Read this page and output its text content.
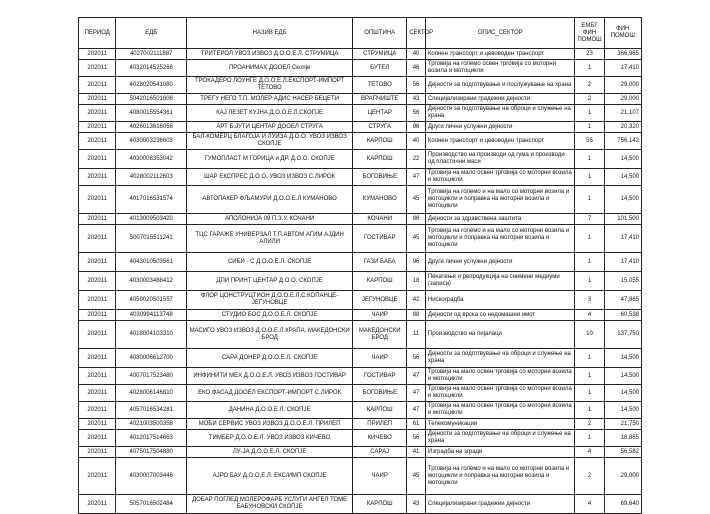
ПЕРИОД	ЕДБ	НАЗИВ ЕДБ	ОПШТИНА	СЕКТОР	ОПИС_СЕКТОР	ЕМБГ ФИН ПОМОШ	ФИН ПОМОШ
202011	4027002111887	ТРИТЕРОЛ УВОЗ ИЗВОЗ Д.О.О.Е.Л. СТРУМИЦА	СТРУМИЦА	40	Копнен транспорт и цевоводен транспорт	23	366,965
202011	4032014525266	ПРОАНИМАХ ДООЕЛ Скопје	БУТЕЛ	46	Трговија на големо освен трговија со моторни возила и мотоцикли	1	17,410
202011	4028020541080	ТРОКАДЕРО ЛОУНГЕ Д.О.О.Е.Л.ЕКСПОРТ-ИМПОРТ ТЕТОВО	ТЕТОВО	56	Дејности за подготвување и послужување на храна	2	29,000
202011	5042016501606	ТРЕГУ НЕГО Т.П. МОЛЕР АДИС НАСЕР БЕЦЕТИ	ВРАПЧИШТЕ	43	Специјализирани градежни дејности	2	29,000
202011	4080015554361	КАЈ ЛЕЗЕТ КУЈНА Д.О.О.Е.Л.СКОПЈЕ	ЦЕНТАР	56	Дејности за подготвување на оброци и служење на храна	1	21,107
202011	4026013616056	АРТ Б.ЈУТИ ЦЕНТАР ДООЕЛ СТРУГА	СТРУГА	96	Други лични услужни дејности	1	20,320
202011	4030003236603	БАЛ-КОМЕРЦ БЛАГОЈА И ЛУИЗА Д.О.О. УВОЗ ИЗВОЗ СКОПЈЕ	КАРПОШ	40	Копнен транспорт и цевоводен транспорт	55	756,142
202011	4030008353042	ГУМОПЛАСТ М ГОРИЦА и ДР. Д.О.О. СКОПЈЕ	КАРПОШ	22	Производство на производи од гума и производи од пластични маси	1	14,500
202011	4028002112603	ШАР ЕКСПРЕС Д.О.О. УВОЗ ИЗВОЗ С.ЛИРОК	БОГОВИЊЕ	47	Трговија на мало освен трговија со моторни возила и мотоцикли	1	14,500
202011	4017016531574	АВТОПАКЕР ФЉАМУРИ Д.О.О.Е.Л КУМАНОВО	КУМАНОВО	45	Трговија на големо и на мало со моторни возила и мотоцикли и поправка на моторни возила и мотоцикли	1	14,500
202011	4013009503420	АПОЛОНИЈА 09 П.З.У. КОЧАНИ	КОЧАНИ	86	Дејности за здравствена заштита	7	101,500
202011	5007015511241	ТЦС ГАРАЖЕ УНИВЕРЗАЛ Т.П.АВТОМ АГИМ АЈДИН АЛИЛИ	ГОСТИВАР	45	Трговија на големо и на мало со моторни возила и мотоцикли и поправка на моторни возила и мотоцикли	1	17,410
202011	4043010503561	СИБИ - С Д.О.О.Е.Л. СКОПЈЕ	ГАЗИ БАБА	96	Други лични услужни дејности	1	17,410
202011	4030003488412	ДПИ ПРИНТ ЦЕНТАР Д.О.О. СКОПЈЕ	КАРПОШ	18	Печатење и репродукција на снимени медиуми (записи)	1	15,055
202011	4059020501557	ФЛОР ЦОНСТРУЦТИОН Д.О.О.Е.Л.С.КОПАНЦЕ-ЈЕГУНОВЦЕ	ЈЕГУНОВЦЕ	42	Нискоградба	3	47,865
202011	4030994113748	СТУДИО БОС Д.О.О.Е.Л. СКОПЈЕ	ЧАИР	88	Дејности од врска со недомашни имот	4	60,538
202011	4018004103310	МАСИГО УВОЗ ИЗВОЗ Д.О.О.Е.Л.КРАПА, МАКЕДОНСКИ БРОД	МАКЕДОНСКИ БРОД	11	Производство на пијалаци	10	137,750
202011	4030006612700	САРА ДОНЕР Д.О.О.Е.Л. СКОПЈЕ	ЧАИР	56	Дејности за подготвување на оброци и служење на храна	1	14,500
202011	4007017523480	ИНФИНИТИ МЕХ Д.О.О.Е.Л. УВОЗ ИЗВОЗ ГОСТИВАР	ГОСТИВАР	47	Трговија на мало освен трговија со моторни возила и мотоцикли	1	14,500
202011	4028006146810	ЕКО ФАСАД ДООЕЛ ЕКСПОРТ-ИМПОРТ С.ЛИРОК	БОГОВИЊЕ	47	Трговија на мало освен трговија со моторни возила и мотоцикли	1	14,500
202011	4057016534281	ДАНИНА Д.О.О.Е.Л. СКОПЈЕ	КАРПОШ	47	Трговија на мало освен трговија со моторни возила и мотоцикли	1	14,500
202011	4021003500358	МОБИ СЕРВИС УВОЗ ИЗВОЗ Д.О.О.Е.Л. ПРИЛЕП	ПРИЛЕП	61	Телекомуникации	2	21,750
202011	4012017514663	ТИМБЕР Д.О.О.Е.Л. УВОЗ ИЗВОЗ КИЧЕВО	КИЧЕВО	56	Дејности за подготвување на оброци и служење на храна	1	18,865
202011	4075017504880	ЛУ-ЈА Д.О.О.Е.Л. СКОПЈЕ	САРАЈ	41	Изградба на згради	4	56,582
202011	4030007003446	АЈРО БАУ Д.О.О.Е.Л. ЕКС/ИМП СКОПЈЕ	ЧАИР	45	Трговија на големо и на мало со моторни возила и мотоцикли и поправка на моторни возила и мотоцикли	2	29,000
202011	5057016502484	ДОБАР ПОГЛЕД МОЛЕРОФАРБ УСЛУГИ АНГЕЛ ТОМЕ БАБУНОВСКИ СКОПЈЕ	КАРПОШ	43	Специјализирани градежни дејности	4	69,640
